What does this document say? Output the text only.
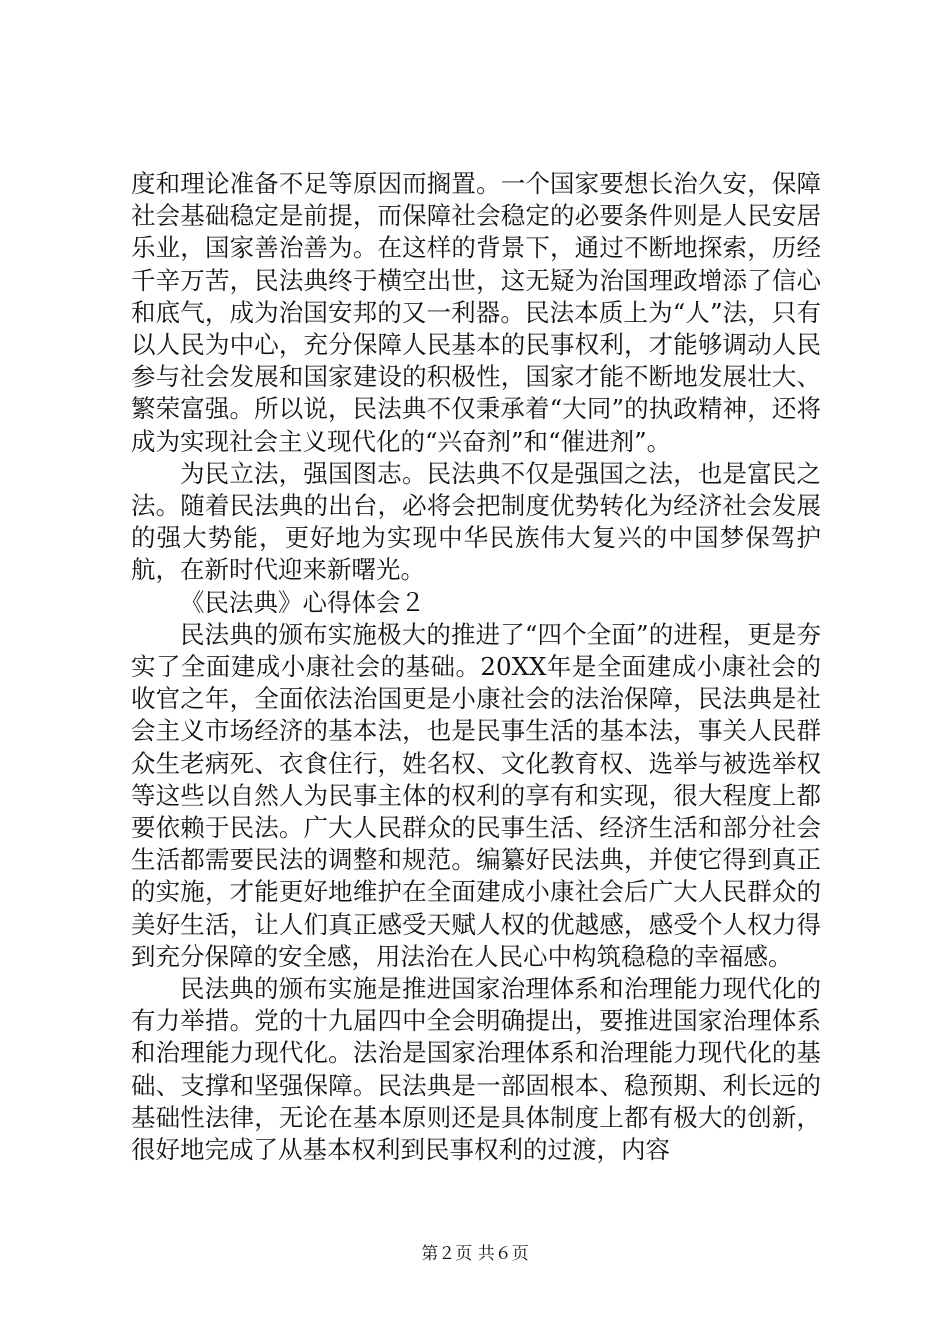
度和理论准备不足等原因而搁置。一个国家要想长治久安，保障社会基础稳定是前提，而保障社会稳定的必要条件则是人民安居乐业，国家善治善为。在这样的背景下，通过不断地探索，历经千辛万苦，民法典终于横空出世，这无疑为治国理政增添了信心和底气，成为治国安邦的又一利器。民法本质上为“人”法，只有以人民为中心，充分保障人民基本的民事权利，才能够调动人民参与社会发展和国家建设的积极性，国家才能不断地发展壮大、繁荣富强。所以说，民法典不仅秉承着“大同”的执政精神，还将成为实现社会主义现代化的“兴奋剂”和“催进剂”。

为民立法，强国图志。民法典不仅是强国之法，也是富民之法。随着民法典的出台，必将会把制度优势转化为经济社会发展的强大势能，更好地为实现中华民族伟大复兴的中国梦保驾护航，在新时代迎来新曙光。

《民法典》心得体会２

民法典的颁布实施极大的推进了“四个全面”的进程，更是夯实了全面建成小康社会的基础。20XX年是全面建成小康社会的收官之年，全面依法治国更是小康社会的法治保障，民法典是社会主义市场经济的基本法，也是民事生活的基本法，事关人民群众生老病死、衣食住行，姓名权、文化教育权、选举与被选举权等这些以自然人为民事主体的权利的享有和实现，很大程度上都要依赖于民法。广大人民群众的民事生活、经济生活和部分社会生活都需要民法的调整和规范。编纂好民法典，并使它得到真正的实施，才能更好地维护在全面建成小康社会后广大人民群众的美好生活，让人们真正感受天赋人权的优越感，感受个人权力得到充分保障的安全感，用法治在人民心中构筑稳稳的幸福感。

民法典的颁布实施是推进国家治理体系和治理能力现代化的有力举措。党的十九届四中全会明确提出，要推进国家治理体系和治理能力现代化。法治是国家治理体系和治理能力现代化的基础、支撑和坚强保障。民法典是一部固根本、稳预期、利长远的基础性法律，无论在基本原则还是具体制度上都有极大的创新，很好地完成了从基本权利到民事权利的过渡，内容

第２页 共６页
